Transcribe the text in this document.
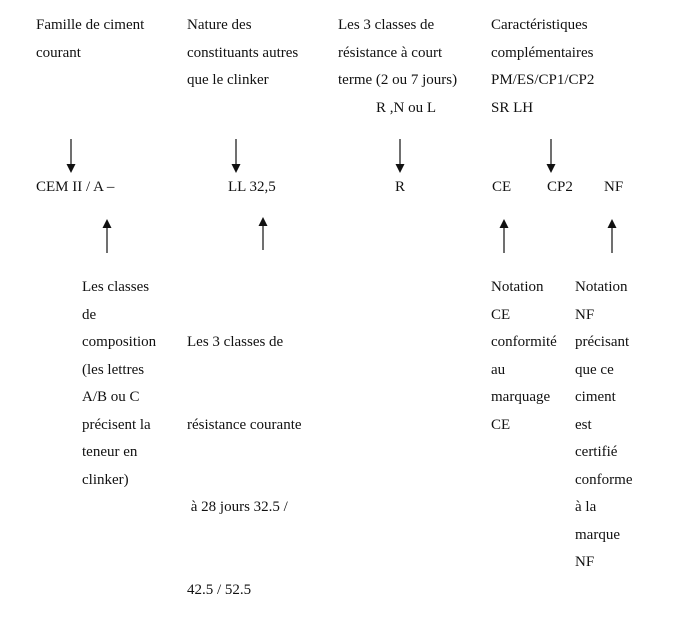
Famille de ciment
courant
Nature des
constituants autres
que le clinker
Les 3 classes de
résistance à court
terme (2 ou 7 jours)
R ,N ou L
Caractéristiques
complémentaires
PM/ES/CP1/CP2
SR LH
CEM II / A –	LL 32,5	R	CE CP2 NF
Les classes
de
composition
(les lettres
A/B ou C
précisent la
teneur en
clinker)

Les 3 classes de

résistance courante

à 28 jours 32.5 /

42.5 / 52.5

Notation
CE
conformité
au
marquage
CE
Notation
NF
précisant
que ce
ciment
est
certifié
conforme
à la
marque
NF
